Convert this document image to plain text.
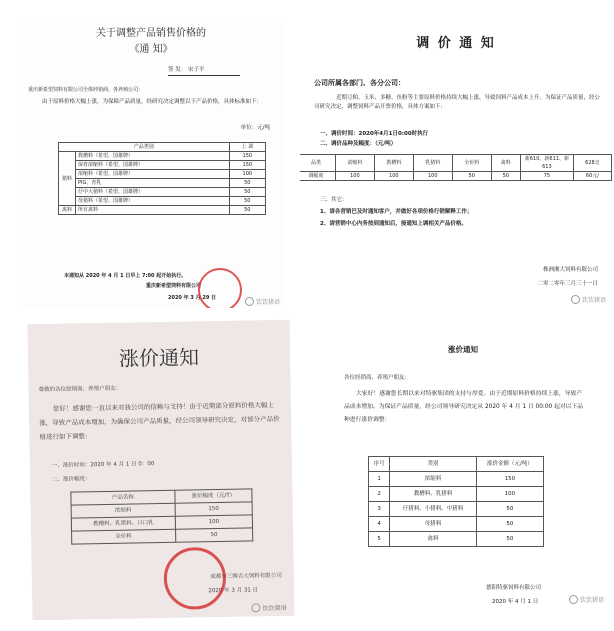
关于调整产品销售价格的
《通 知》
签 发： 宋子平
重庆新希望饲料有限公司全体经销商、各养殖公司：
由于原料价格大幅上涨，为保障产品质量，经研究决定调整以下产品价格，具体标准如下：
单位：元/吨
产品类别		上 调
猪料	教槽料（希望、国雄牌）	150
	保育浓缩料（希望、国雄牌）	150
	浓缩料（希望、国雄牌）	100
	PIG、青乳	50
	仔中大猪料（希望、国雄牌）	50
	母猪料（希望、国雄牌）	50
禽料	所有禽料	50
本通知从 2020 年 4 月 1 日早上 7:00 起开始执行。
重庆新希望饲料有限公司
2020 年 3 月 29 日
饮饮猪语
调 价 通 知
公司所属各部门、各分公司：
近期豆粕、玉米、多糖、鱼粉等主要原料价格持续大幅上涨，导致饲料产品成本上升。为保证产品质量，经公司研究决定，调整饲料产品开票价格，具体方案如下：
一、调价时间：2020年4月1日0:00时执行
二、调价品种及幅度：（元/吨）
品类	浓缩料	教槽料	乳猪料	全价料	禽料	新610、新611、新613	628音
调幅度	100	100	100	50	50	75	60元/
三、其它：
1、请各营销巴及时通知客户，并做好各项价格行销解释工作；
2、请营销中心内务按到通知后，接通知上调相关产品价格。
株洲湘大饲料有限公司
二零二零年三月三十一日
饮饮猪语
涨价通知
尊敬的各位经销商、养殖户朋友：
您好！感谢您一直以来对我公司的信赖与支持！由于近期部分原料价格大幅上涨，导致产品成本增加，为确保公司产品质量，经公司领导研究决定，对部分产品价格进行如下调整：
一、涨价时间：2020 年 4 月 1 日 0：00
二、涨价幅度：
产品名称	涨价幅度（元/T）
浓缩料	150
教槽料、乳猪料、口口乳	100
全价料	50
成都市三牌吉大饲料有限公司
2020 年 3 月 31 日
饮饮猪语
涨价通知
各位经销商、养殖户朋友：
大家好！感谢您长期以来对特驱集团的支持与厚爱。由于近期原料价格持续上涨，导致产品成本增加。为保证产品质量，经公司领导研究决定从 2020 年 4 月 1 日 00:00 起对以下品种进行涨价调整：
序号	类别	涨价金额（元/吨）
1	浓缩料	150
2	教槽料、乳猪料	100
3	仔猪料、小猪料、中猪料	50
4	母猪料	50
5	禽料	50
德阳特驱饲料有限公司
2020 年 4 月 1 日	饮饮猪语
